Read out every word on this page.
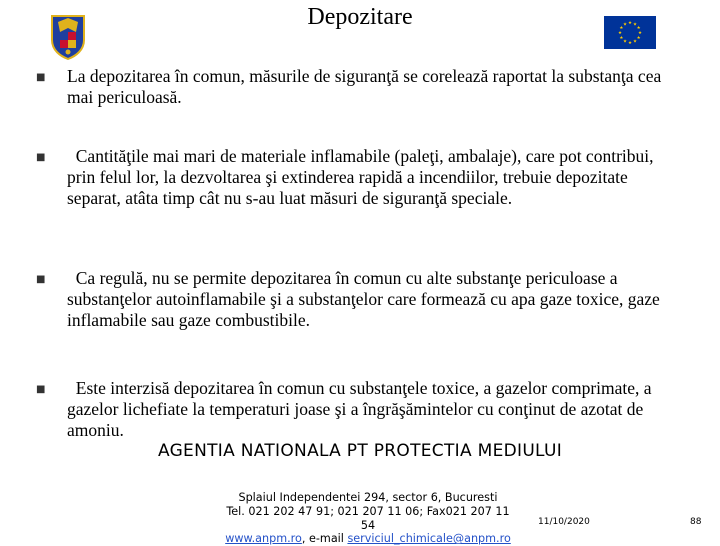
Depozitare	★ ★
★
★
★
★
★
★
★
★
★
★
■ La depozitarea în comun, măsurile de siguranţă se corelează raportat la substanţa cea mai periculoasă.
■ Cantităţile mai mari de materiale inflamabile (paleţi, ambalaje), care pot contribui, prin felul lor, la dezvoltarea şi extinderea rapidă a incendiilor, trebuie depozitate separat, atâta timp cât nu s-au luat măsuri de siguranţă speciale.
■ Ca regulă, nu se permite depozitarea în comun cu alte substanţe periculoase a substanţelor autoinflamabile şi a substanţelor care formează cu apa gaze toxice, gaze inflamabile sau gaze combustibile.
■ Este interzisă depozitarea în comun cu substanţele toxice, a gazelor comprimate, a gazelor lichefiate la temperaturi joase şi a îngrăşămintelor cu conţinut de azotat de amoniu.
AGENTIA NATIONALA PT PROTECTIA MEDIULUI
Splaiul Independentei 294, sector 6, Bucuresti
Tel. 021 202 47 91; 021 207 11 06; Fax021 207 11 54
www.anpm.ro, e-mail serviciul_chimicale@anpm.ro
11/10/2020	88
